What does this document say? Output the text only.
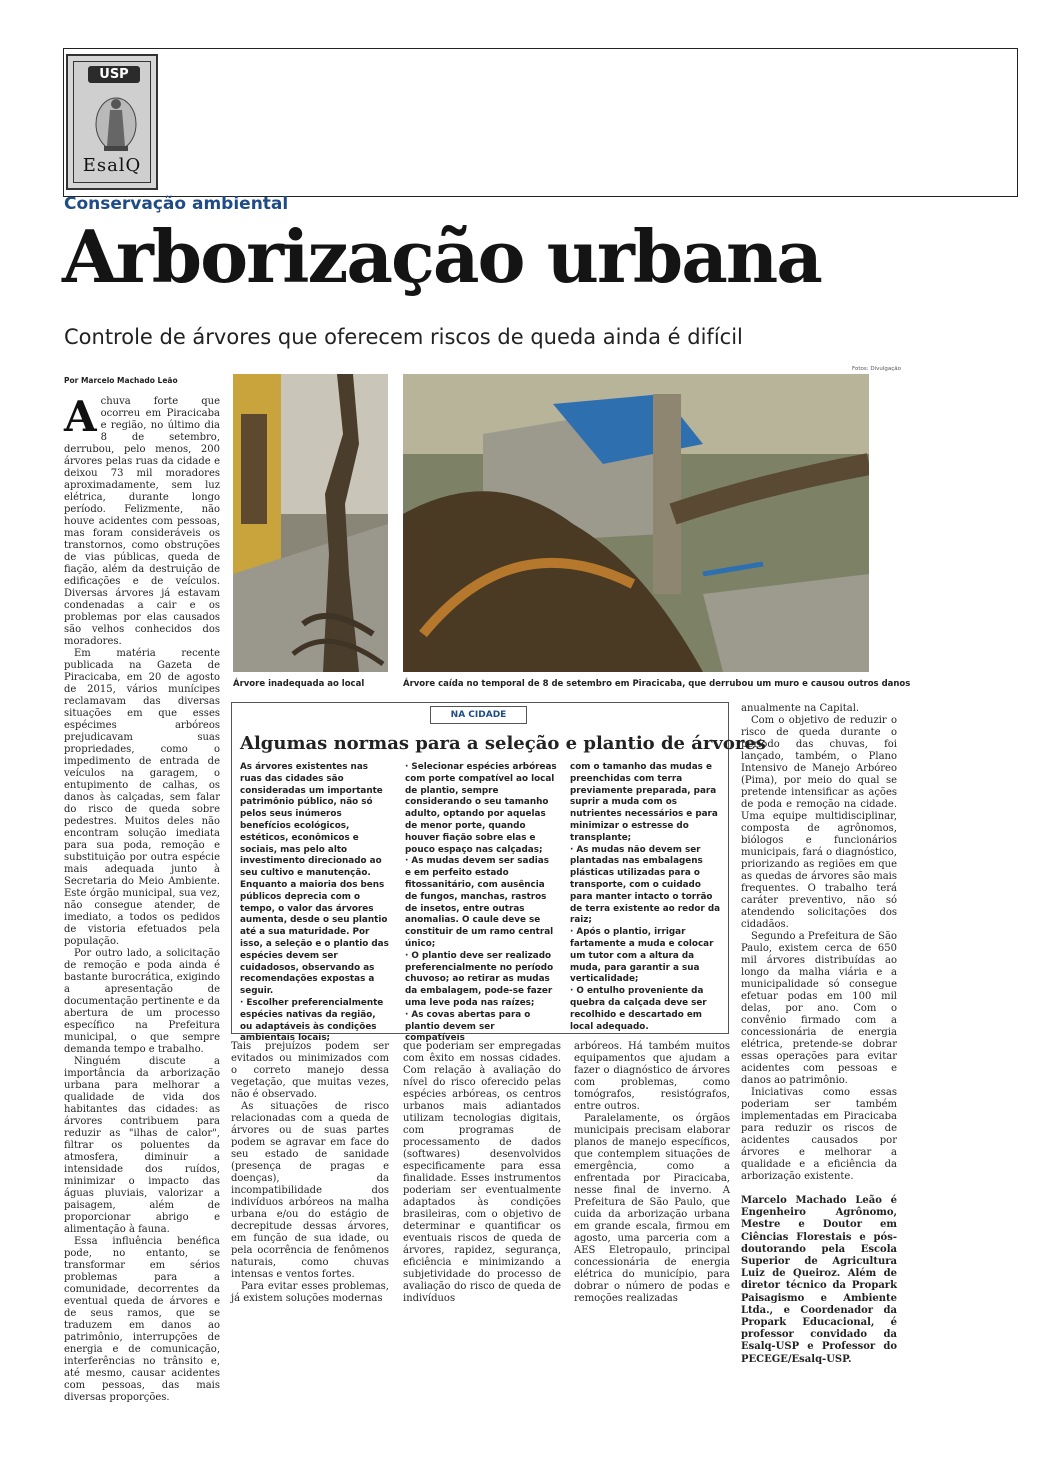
USP
EsalQ
Conservação ambiental
Arborização urbana
Controle de árvores que oferecem riscos de queda ainda é difícil
Por Marcelo Machado Leão
Fotos: Divulgação

Achuva forte que ocorreu em Piracicaba e região, no último dia 8 de setembro, derrubou, pelo menos, 200 árvores pelas ruas da cidade e deixou 73 mil moradores aproximadamente, sem luz elétrica, durante longo período. Felizmente, não houve acidentes com pessoas, mas foram consideráveis os transtornos, como obstruções de vias públicas, queda de fiação, além da destruição de edificações e de veículos. Diversas árvores já estavam condenadas a cair e os problemas por elas causados são velhos conhecidos dos moradores.

Em matéria recente publicada na Gazeta de Piracicaba, em 20 de agosto de 2015, vários munícipes reclamavam das diversas situações em que esses espécimes arbóreos prejudicavam suas propriedades, como o impedimento de entrada de veículos na garagem, o entupimento de calhas, os danos às calçadas, sem falar do risco de queda sobre pedestres. Muitos deles não encontram solução imediata para sua poda, remoção e substituição por outra espécie mais adequada junto à Secretaria do Meio Ambiente. Este órgão municipal, sua vez, não consegue atender, de imediato, a todos os pedidos de vistoria efetuados pela população.

Por outro lado, a solicitação de remoção e poda ainda é bastante burocrática, exigindo a apresentação de documentação pertinente e da abertura de um processo específico na Prefeitura municipal, o que sempre demanda tempo e trabalho.

Ninguém discute a importância da arborização urbana para melhorar a qualidade de vida dos habitantes das cidades: as árvores contribuem para reduzir as "ilhas de calor", filtrar os poluentes da atmosfera, diminuir a intensidade dos ruídos, minimizar o impacto das águas pluviais, valorizar a paisagem, além de proporcionar abrigo e alimentação à fauna.

Essa influência benéfica pode, no entanto, se transformar em sérios problemas para a comunidade, decorrentes da eventual queda de árvores e de seus ramos, que se traduzem em danos ao patrimônio, interrupções de energia e de comunicação, interferências no trânsito e, até mesmo, causar acidentes com pessoas, das mais diversas proporções.

Árvore inadequada ao local	Árvore caída no temporal de 8 de setembro em Piracicaba, que derrubou um muro e causou outros danos
NA CIDADE
Algumas normas para a seleção e plantio de árvores

As árvores existentes nas ruas das cidades são consideradas um importante patrimônio público, não só pelos seus inúmeros benefícios ecológicos, estéticos, econômicos e sociais, mas pelo alto investimento direcionado ao seu cultivo e manutenção. Enquanto a maioria dos bens públicos deprecia com o tempo, o valor das árvores aumenta, desde o seu plantio até a sua maturidade. Por isso, a seleção e o plantio das espécies devem ser cuidadosos, observando as recomendações expostas a seguir.

· Escolher preferencialmente espécies nativas da região, ou adaptáveis às condições ambientais locais;

· Selecionar espécies arbóreas com porte compatível ao local de plantio, sempre considerando o seu tamanho adulto, optando por aquelas de menor porte, quando houver fiação sobre elas e pouco espaço nas calçadas;

· As mudas devem ser sadias e em perfeito estado fitossanitário, com ausência de fungos, manchas, rastros de insetos, entre outras anomalias. O caule deve se constituir de um ramo central único;

· O plantio deve ser realizado preferencialmente no período chuvoso; ao retirar as mudas da embalagem, pode-se fazer uma leve poda nas raízes;

· As covas abertas para o plantio devem ser compatíveis

com o tamanho das mudas e preenchidas com terra previamente preparada, para suprir a muda com os nutrientes necessários e para minimizar o estresse do transplante;

· As mudas não devem ser plantadas nas embalagens plásticas utilizadas para o transporte, com o cuidado para manter intacto o torrão de terra existente ao redor da raiz;

· Após o plantio, irrigar fartamente a muda e colocar um tutor com a altura da muda, para garantir a sua verticalidade;

· O entulho proveniente da quebra da calçada deve ser recolhido e descartado em local adequado.

Tais prejuízos podem ser evitados ou minimizados com o correto manejo dessa vegetação, que muitas vezes, não é observado.

As situações de risco relacionadas com a queda de árvores ou de suas partes podem se agravar em face do seu estado de sanidade (presença de pragas e doenças), da incompatibilidade dos indivíduos arbóreos na malha urbana e/ou do estágio de decrepitude dessas árvores, em função de sua idade, ou pela ocorrência de fenômenos naturais, como chuvas intensas e ventos fortes.

Para evitar esses problemas, já existem soluções modernas

que poderiam ser empregadas com êxito em nossas cidades. Com relação à avaliação do nível do risco oferecido pelas espécies arbóreas, os centros urbanos mais adiantados utilizam tecnologias digitais, com programas de processamento de dados (softwares) desenvolvidos especificamente para essa finalidade. Esses instrumentos poderiam ser eventualmente adaptados às condições brasileiras, com o objetivo de determinar e quantificar os eventuais riscos de queda de árvores, rapidez, segurança, eficiência e minimizando a subjetividade do processo de avaliação do risco de queda de indivíduos

arbóreos. Há também muitos equipamentos que ajudam a fazer o diagnóstico de árvores com problemas, como tomógrafos, resistógrafos, entre outros.

Paralelamente, os órgãos municipais precisam elaborar planos de manejo específicos, que contemplem situações de emergência, como a enfrentada por Piracicaba, nesse final de inverno. A Prefeitura de São Paulo, que cuida da arborização urbana em grande escala, firmou em agosto, uma parceria com a AES Eletropaulo, principal concessionária de energia elétrica do município, para dobrar o número de podas e remoções realizadas

anualmente na Capital.

Com o objetivo de reduzir o risco de queda durante o período das chuvas, foi lançado, também, o Plano Intensivo de Manejo Arbóreo (Pima), por meio do qual se pretende intensificar as ações de poda e remoção na cidade. Uma equipe multidisciplinar, composta de agrônomos, biólogos e funcionários municipais, fará o diagnóstico, priorizando as regiões em que as quedas de árvores são mais frequentes. O trabalho terá caráter preventivo, não só atendendo solicitações dos cidadãos.

Segundo a Prefeitura de São Paulo, existem cerca de 650 mil árvores distribuídas ao longo da malha viária e a municipalidade só consegue efetuar podas em 100 mil delas, por ano. Com o convênio firmado com a concessionária de energia elétrica, pretende-se dobrar essas operações para evitar acidentes com pessoas e danos ao patrimônio.

Iniciativas como essas poderiam ser também implementadas em Piracicaba para reduzir os riscos de acidentes causados por árvores e melhorar a qualidade e a eficiência da arborização existente.

Marcelo Machado Leão é Engenheiro Agrônomo, Mestre e Doutor em Ciências Florestais e pós-doutorando pela Escola Superior de Agricultura Luiz de Queiroz. Além de diretor técnico da Propark Paisagismo e Ambiente Ltda., e Coordenador da Propark Educacional, é professor convidado da Esalq-USP e Professor do PECEGE/Esalq-USP.
